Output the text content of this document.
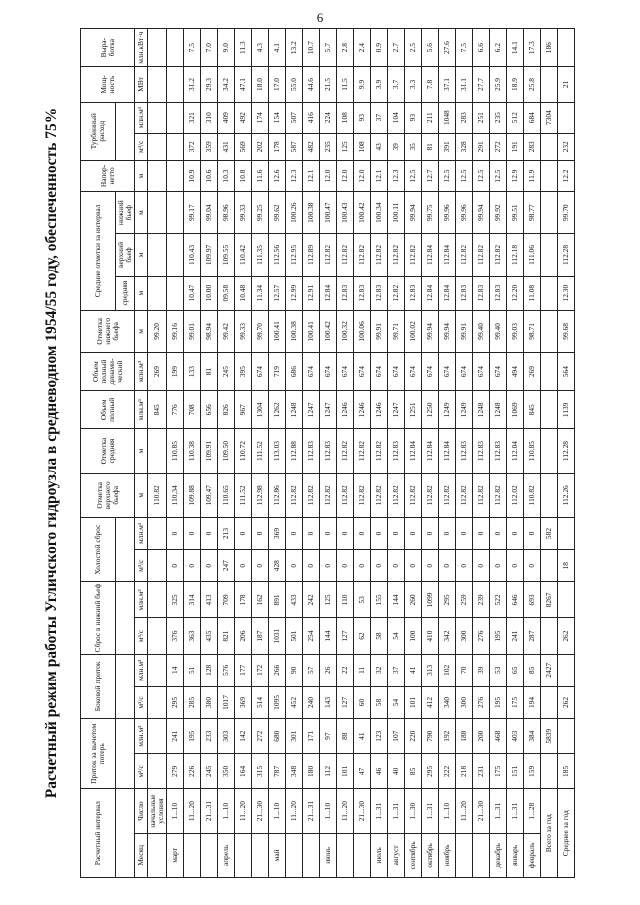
6
Расчетный режим работы Угличского гидроузла в средневодном 1954/55 году, обеспеченность 75%
Расчетный интервал		Приток за вычетом потерь		Боковой приток		Сброс в нижний бьеф		Холостой сброс		Отметка верхнего бьефа	Отметка средняя	Объем полный	Объем полный динами-ческий	Отметка нижнего бьефа	Средние отметки за интервал			Напор-нетто	Турбинный расход		Мощ-ность	Выра-ботка
															средняя	верхний бьеф	нижний бьеф					
Месяц	Число	м³/с	млн.м³	м³/с	млн.м³	м³/с	млн.м³	м³/с	млн.м³	м	м	млн.м³	млн.м³	м	м	м	м	м	м³/с	млн.м³	МВт	млн.кВт·ч
	начальные условия									110.82		845	269	99.20								
март	1...10	279	241	295	14	376	325	0	0	110.34	110.85	776	199	99.16								
	11...20	226	195	285	51	363	314	0	0	109.88	110.38	708	133	99.01	10.47	110.43	99.17	10.9	372	321	31.2	7.5
	21...31	245	233	380	128	435	413	0	0	109.47	109.91	656	81	98.94	10.00	109.97	99.04	10.6	359	310	29.3	7.0
апрель	1...10	350	303	1017	576	821	709	247	213	110.65	109.50	826	245	99.42	09.58	109.55	98.96	10.3	431	409	34.2	9.0
	11...20	164	142	369	177	206	178	0	0	111.52	110.72	967	395	99.33	10.48	110.42	99.33	10.8	569	492	47.1	11.3
	21...30	315	272	514	172	187	162	0	0	112.98	111.52	1304	674	99.70	11.34	111.35	99.25	11.6	202	174	18.0	4.3
май	1...10	787	680	1095	266	1031	891	428	369	112.86	113.03	1262	719	100.41	12.57	112.56	99.62	12.6	178	154	17.0	4.1
	11...20	348	301	452	90	501	433	0	0	112.82	112.88	1248	686	100.38	12.99	112.95	100.26	12.3	587	507	55.0	13.2
	21...31	180	171	240	57	254	242	0	0	112.82	112.83	1247	674	100.41	12.91	112.89	100.38	12.1	482	416	44.6	10.7
июнь	1...10	112	97	143	26	144	125	0	0	112.82	112.83	1247	674	100.42	12.84	112.82	100.47	12.0	235	224	21.5	5.7
	11...20	101	88	127	22	127	110	0	0	112.82	112.82	1246	674	100.32	12.83	112.82	100.43	12.0	125	108	11.5	2.8
	21...30	47	41	60	11	62	53	0	0	112.82	112.82	1246	674	100.06	12.83	112.82	100.42	12.0	108	93	9.9	2.4
июль	1...31	46	123	58	32	58	155	0	0	112.82	112.82	1246	674	99.91	12.83	112.82	100.34	12.1	43	37	3.9	0.9
август	1...31	40	107	54	37	54	144	0	0	112.82	112.83	1247	674	99.71	12.82	112.82	100.11	12.3	39	104	3.7	2.7
сентябрь	1...30	85	220	101	41	100	260	0	0	112.82	112.84	1251	674	100.02	12.83	112.82	99.94	12.5	35	93	3.3	2.5
октябрь	1...31	295	790	412	313	410	1099	0	0	112.82	112.84	1250	674	99.94	12.84	112.84	99.75	12.7	81	211	7.8	5.6
ноябрь	1...10	222	192	340	102	342	295	0	0	112.82	112.84	1249	674	99.94	12.84	112.84	99.96	12.5	391	1048	37.1	27.6
	11...20	218	188	300	70	300	259	0	0	112.82	112.83	1249	674	99.91	12.83	112.82	99.96	12.5	328	283	31.1	7.5
	21...30	231	200	276	39	276	239	0	0	112.82	112.83	1248	674	99.40	12.83	112.82	99.94	12.5	291	251	27.7	6.6
декабрь	1...31	175	468	195	53	195	522	0	0	112.82	112.83	1248	674	99.40	12.83	112.82	99.92	12.5	272	235	25.9	6.2
январь	1...31	151	403	175	65	241	646	0	0	112.02	112.04	1069	494	99.03	12.20	112.18	99.51	12.9	191	512	18.9	14.1
февраль	1...28	159	384	194	85	287	693	0	0	110.82	110.85	845	269	98.71	11.08	111.06	98.77	11.9	283	684	25.8	17.3
Всего за год			5839		2427		8267		582											7304		186
Среднее за год		185		262		262		18		112.26	112.28	1139	564	99.68	12.30	112.28	99.70	12.2	232		21	
